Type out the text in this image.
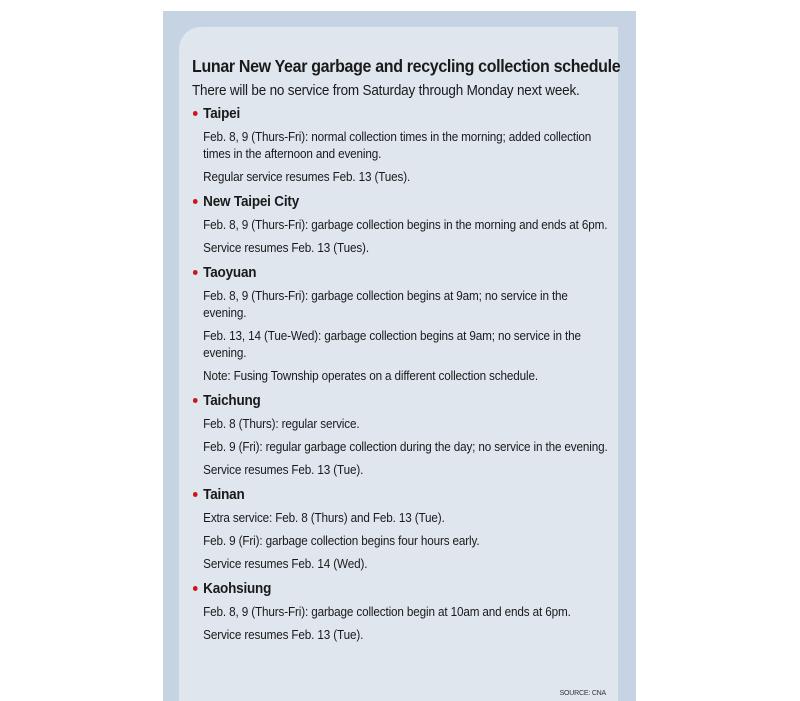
Lunar New Year garbage and recycling collection schedule
There will be no service from Saturday through Monday next week.
Taipei
Feb. 8, 9 (Thurs-Fri): normal collection times in the morning; added collection times in the afternoon and evening.
Regular service resumes Feb. 13 (Tues).
New Taipei City
Feb. 8, 9 (Thurs-Fri): garbage collection begins in the morning and ends at 6pm.
Service resumes Feb. 13 (Tues).
Taoyuan
Feb. 8, 9 (Thurs-Fri): garbage collection begins at 9am; no service in the evening.
Feb. 13, 14 (Tue-Wed): garbage collection begins at 9am; no service in the evening.
Note: Fusing Township operates on a different collection schedule.
Taichung
Feb. 8 (Thurs): regular service.
Feb. 9 (Fri): regular garbage collection during the day; no service in the evening.
Service resumes Feb. 13 (Tue).
Tainan
Extra service: Feb. 8 (Thurs) and Feb. 13 (Tue).
Feb. 9 (Fri): garbage collection begins four hours early.
Service resumes Feb. 14 (Wed).
Kaohsiung
Feb. 8, 9 (Thurs-Fri): garbage collection begin at 10am and ends at 6pm.
Service resumes Feb. 13 (Tue).
SOURCE: CNA
